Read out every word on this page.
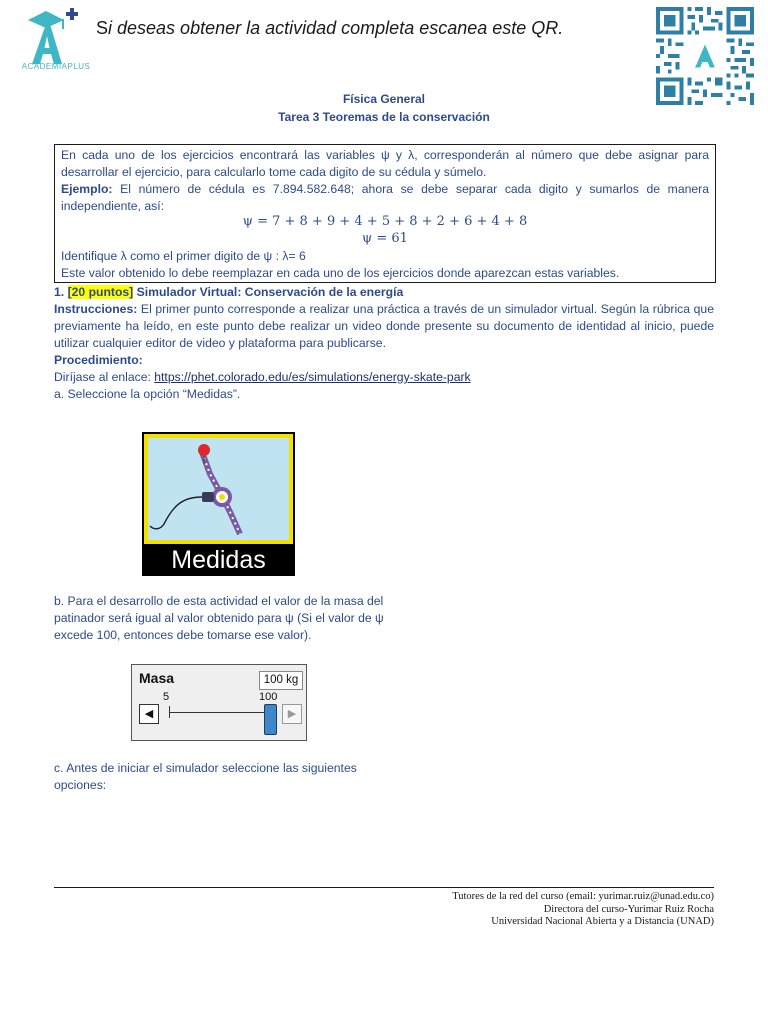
ACADEMIAPLUS
Si deseas obtener la actividad completa escanea este QR.
Física General
Tarea 3 Teoremas de la conservación
En cada uno de los ejercicios encontrará las variables ψ y λ, corresponderán al número que debe asignar para desarrollar el ejercicio, para calcularlo tome cada digito de su cédula y súmelo.
Ejemplo: El número de cédula es 7.894.582.648; ahora se debe separar cada digito y sumarlos de manera independiente, así:
ψ = 7 + 8 + 9 + 4 + 5 + 8 + 2 + 6 + 4 + 8
ψ = 61
Identifique λ como el primer digito de ψ : λ= 6
Este valor obtenido lo debe reemplazar en cada uno de los ejercicios donde aparezcan estas variables.
1. [20 puntos] Simulador Virtual: Conservación de la energía
Instrucciones: El primer punto corresponde a realizar una práctica a través de un simulador virtual. Según la rúbrica que previamente ha leído, en este punto debe realizar un video donde presente su documento de identidad al inicio, puede utilizar cualquier editor de video y plataforma para publicarse.
Procedimiento:
Diríjase al enlace: https://phet.colorado.edu/es/simulations/energy-skate-park
a. Seleccione la opción “Medidas”.
Medidas
b. Para el desarrollo de esta actividad el valor de la masa del patinador será igual al valor obtenido para ψ (Si el valor de ψ excede 100, entonces debe tomarse ese valor).
Masa	100 kg
5	100
◀	▶
c. Antes de iniciar el simulador seleccione las siguientes opciones:
Tutores de la red del curso (email: yurimar.ruiz@unad.edu.co)
Directora del curso-Yurimar Ruiz Rocha
Universidad Nacional Abierta y a Distancia (UNAD)
